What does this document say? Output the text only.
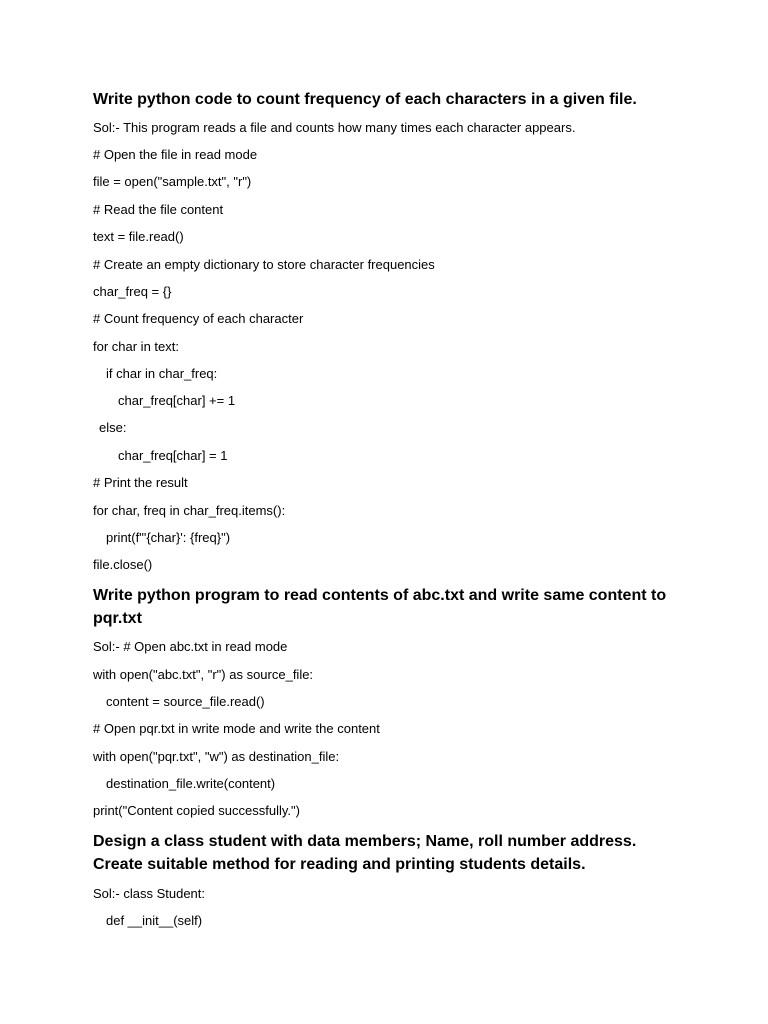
Write python code to count frequency of each characters in a given file.

Sol:- This program reads a file and counts how many times each character appears.

# Open the file in read mode

file = open("sample.txt", "r")

# Read the file content

text = file.read()

# Create an empty dictionary to store character frequencies

char_freq = {}

# Count frequency of each character

for char in text:

if char in char_freq:

char_freq[char] += 1

else:

char_freq[char] = 1

# Print the result

for char, freq in char_freq.items():

print(f"'{char}': {freq}")

file.close()

Write python program to read contents of abc.txt and write same content to pqr.txt

Sol:- # Open abc.txt in read mode

with open("abc.txt", "r") as source_file:

content = source_file.read()

# Open pqr.txt in write mode and write the content

with open("pqr.txt", "w") as destination_file:

destination_file.write(content)

print("Content copied successfully.")

Design a class student with data members; Name, roll number address. Create suitable method for reading and printing students details.

Sol:- class Student:

def __init__(self)
